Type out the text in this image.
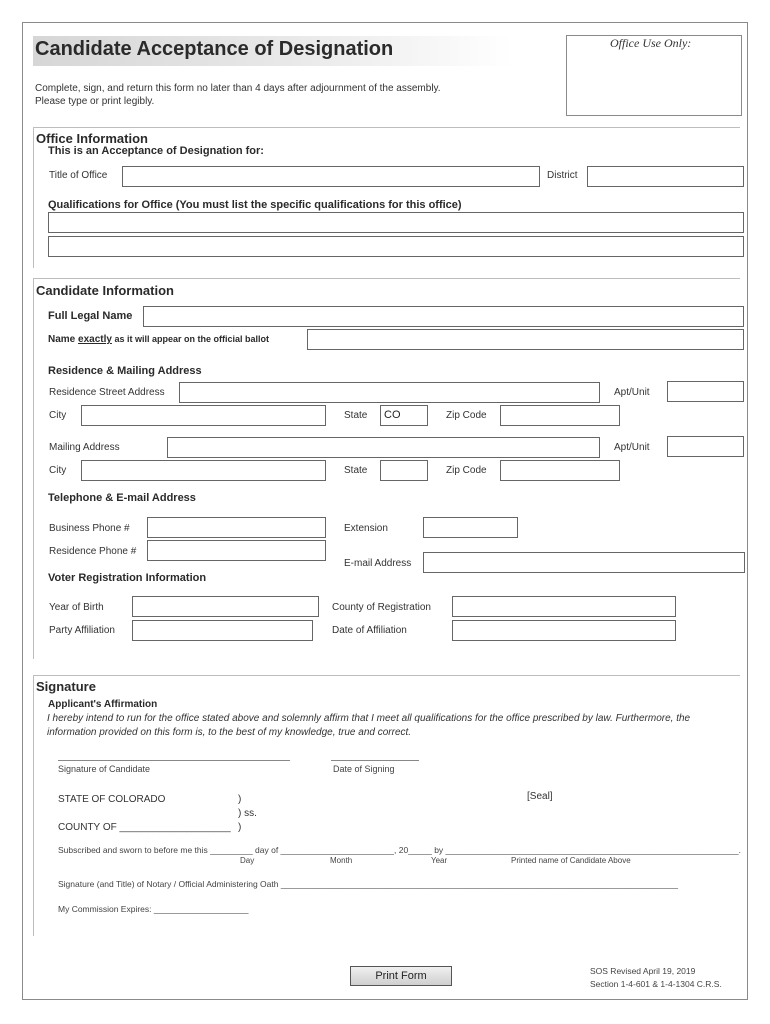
Candidate Acceptance of Designation
Complete, sign, and return this form no later than 4 days after adjournment of the assembly.
Please type or print legibly.
Office Use Only:
Office Information
This is an Acceptance of Designation for:
Title of Office	District
Qualifications for Office (You must list the specific qualifications for this office)
Candidate Information
Full Legal Name
Name exactly as it will appear on the official ballot
Residence & Mailing Address
Residence Street Address	Apt/Unit
City	State	CO	Zip Code
Mailing Address	Apt/Unit
City	State	Zip Code
Telephone & E-mail Address
Business Phone #	Extension
Residence Phone #
E-mail Address
Voter Registration Information
Year of Birth	County of Registration
Party Affiliation	Date of Affiliation
Signature
Applicant's Affirmation
I hereby intend to run for the office stated above and solemnly affirm that I meet all qualifications for the office prescribed by law. Furthermore, the information provided on this form is, to the best of my knowledge, true and correct.
Signature of Candidate	Date of Signing
STATE OF COLORADO	)
) ss.
[Seal]
COUNTY OF ____________________ )
Subscribed and sworn to before me this _________ day of ________________________, 20_____ by ______________________________________________________________.
Day	Month	Year	Printed name of Candidate Above
Signature (and Title) of Notary / Official Administering Oath ____________________________________________________________________________________
My Commission Expires: ____________________
Print Form	SOS Revised April 19, 2019
Section 1-4-601 & 1-4-1304 C.R.S.
